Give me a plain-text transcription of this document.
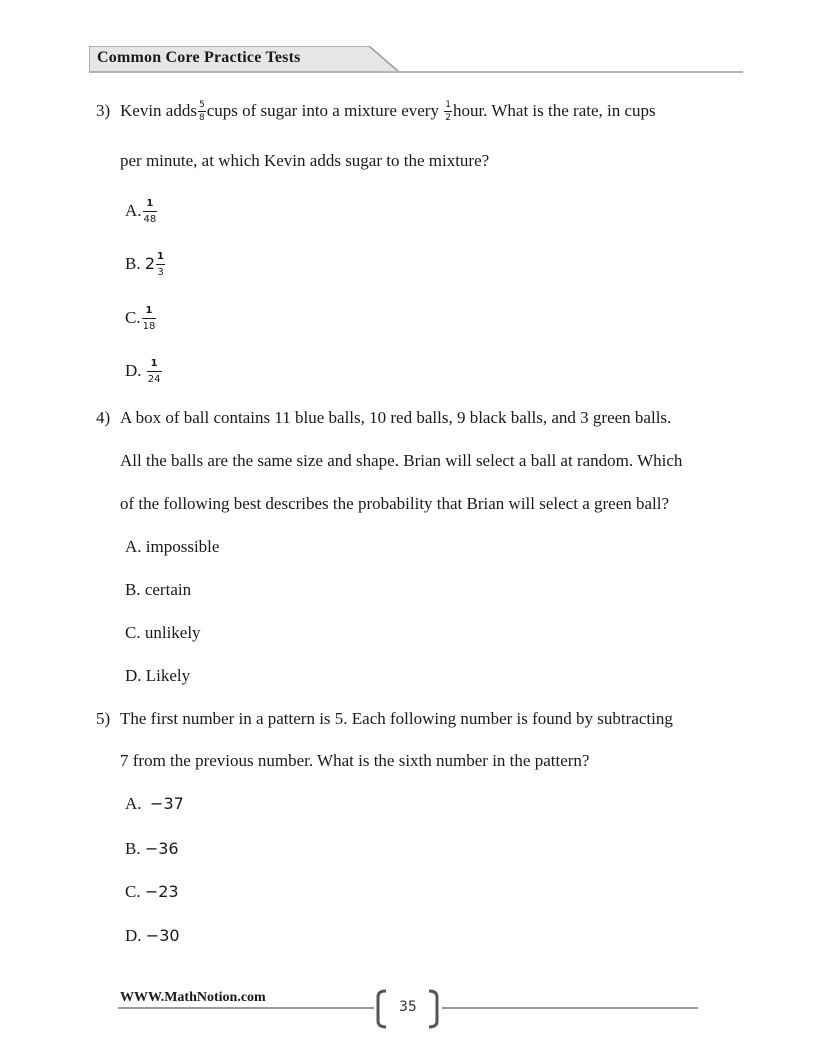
Common Core Practice Tests
3) Kevin adds $\frac{5}{8}$ cups of sugar into a mixture every $\frac{1}{2}$ hour. What is the rate, in cups
per minute, at which Kevin adds sugar to the mixture?
A. $\frac{1}{48}$
B. $2 \frac{1}{3}$
C. $\frac{1}{18}$
D. $\frac{1}{24}$
4) A box of ball contains 11 blue balls, 10 red balls, 9 black balls, and 3 green balls.
All the balls are the same size and shape. Brian will select a ball at random. Which
of the following best describes the probability that Brian will select a green ball?
A. impossible
B. certain
C. unlikely
D. Likely
5) The first number in a pattern is 5. Each following number is found by subtracting
7 from the previous number. What is the sixth number in the pattern?
A. −37
B. −36
C. −23
D. −30
WWW.MathNotion.com
35
